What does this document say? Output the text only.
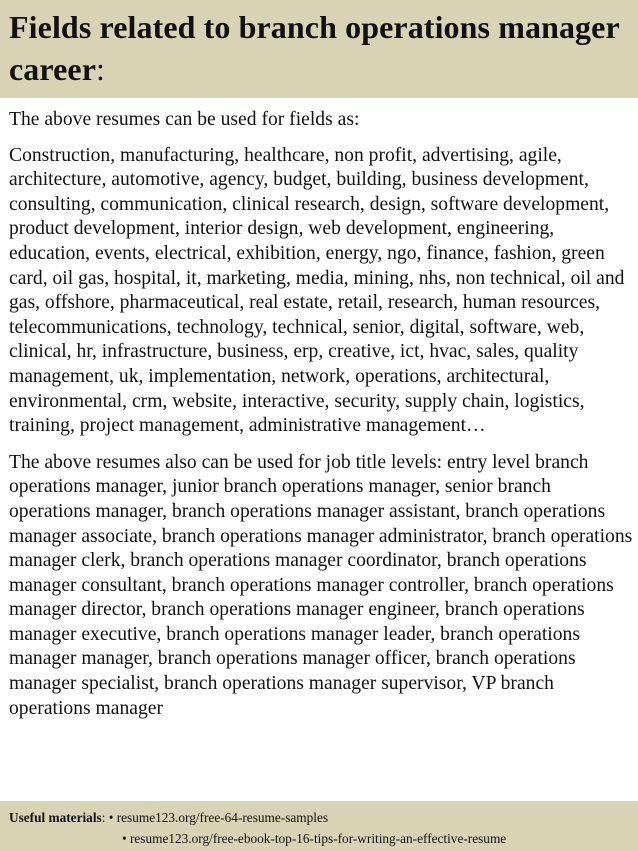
Fields related to branch operations manager career:

The above resumes can be used for fields as:

Construction, manufacturing, healthcare, non profit, advertising, agile, architecture, automotive, agency, budget, building, business development, consulting, communication, clinical research, design, software development, product development, interior design, web development, engineering, education, events, electrical, exhibition, energy, ngo, finance, fashion, green card, oil gas, hospital, it, marketing, media, mining, nhs, non technical, oil and gas, offshore, pharmaceutical, real estate, retail, research, human resources, telecommunications, technology, technical, senior, digital, software, web, clinical, hr, infrastructure, business, erp, creative, ict, hvac, sales, quality management, uk, implementation, network, operations, architectural, environmental, crm, website, interactive, security, supply chain, logistics, training, project management, administrative management…

The above resumes also can be used for job title levels: entry level branch operations manager, junior branch operations manager, senior branch operations manager, branch operations manager assistant, branch operations manager associate, branch operations manager administrator, branch operations manager clerk, branch operations manager coordinator, branch operations manager consultant, branch operations manager controller, branch operations manager director, branch operations manager engineer, branch operations manager executive, branch operations manager leader, branch operations manager manager, branch operations manager officer, branch operations manager specialist, branch operations manager supervisor, VP branch operations manager

Useful materials: • resume123.org/free-64-resume-samples
• resume123.org/free-ebook-top-16-tips-for-writing-an-effective-resume
